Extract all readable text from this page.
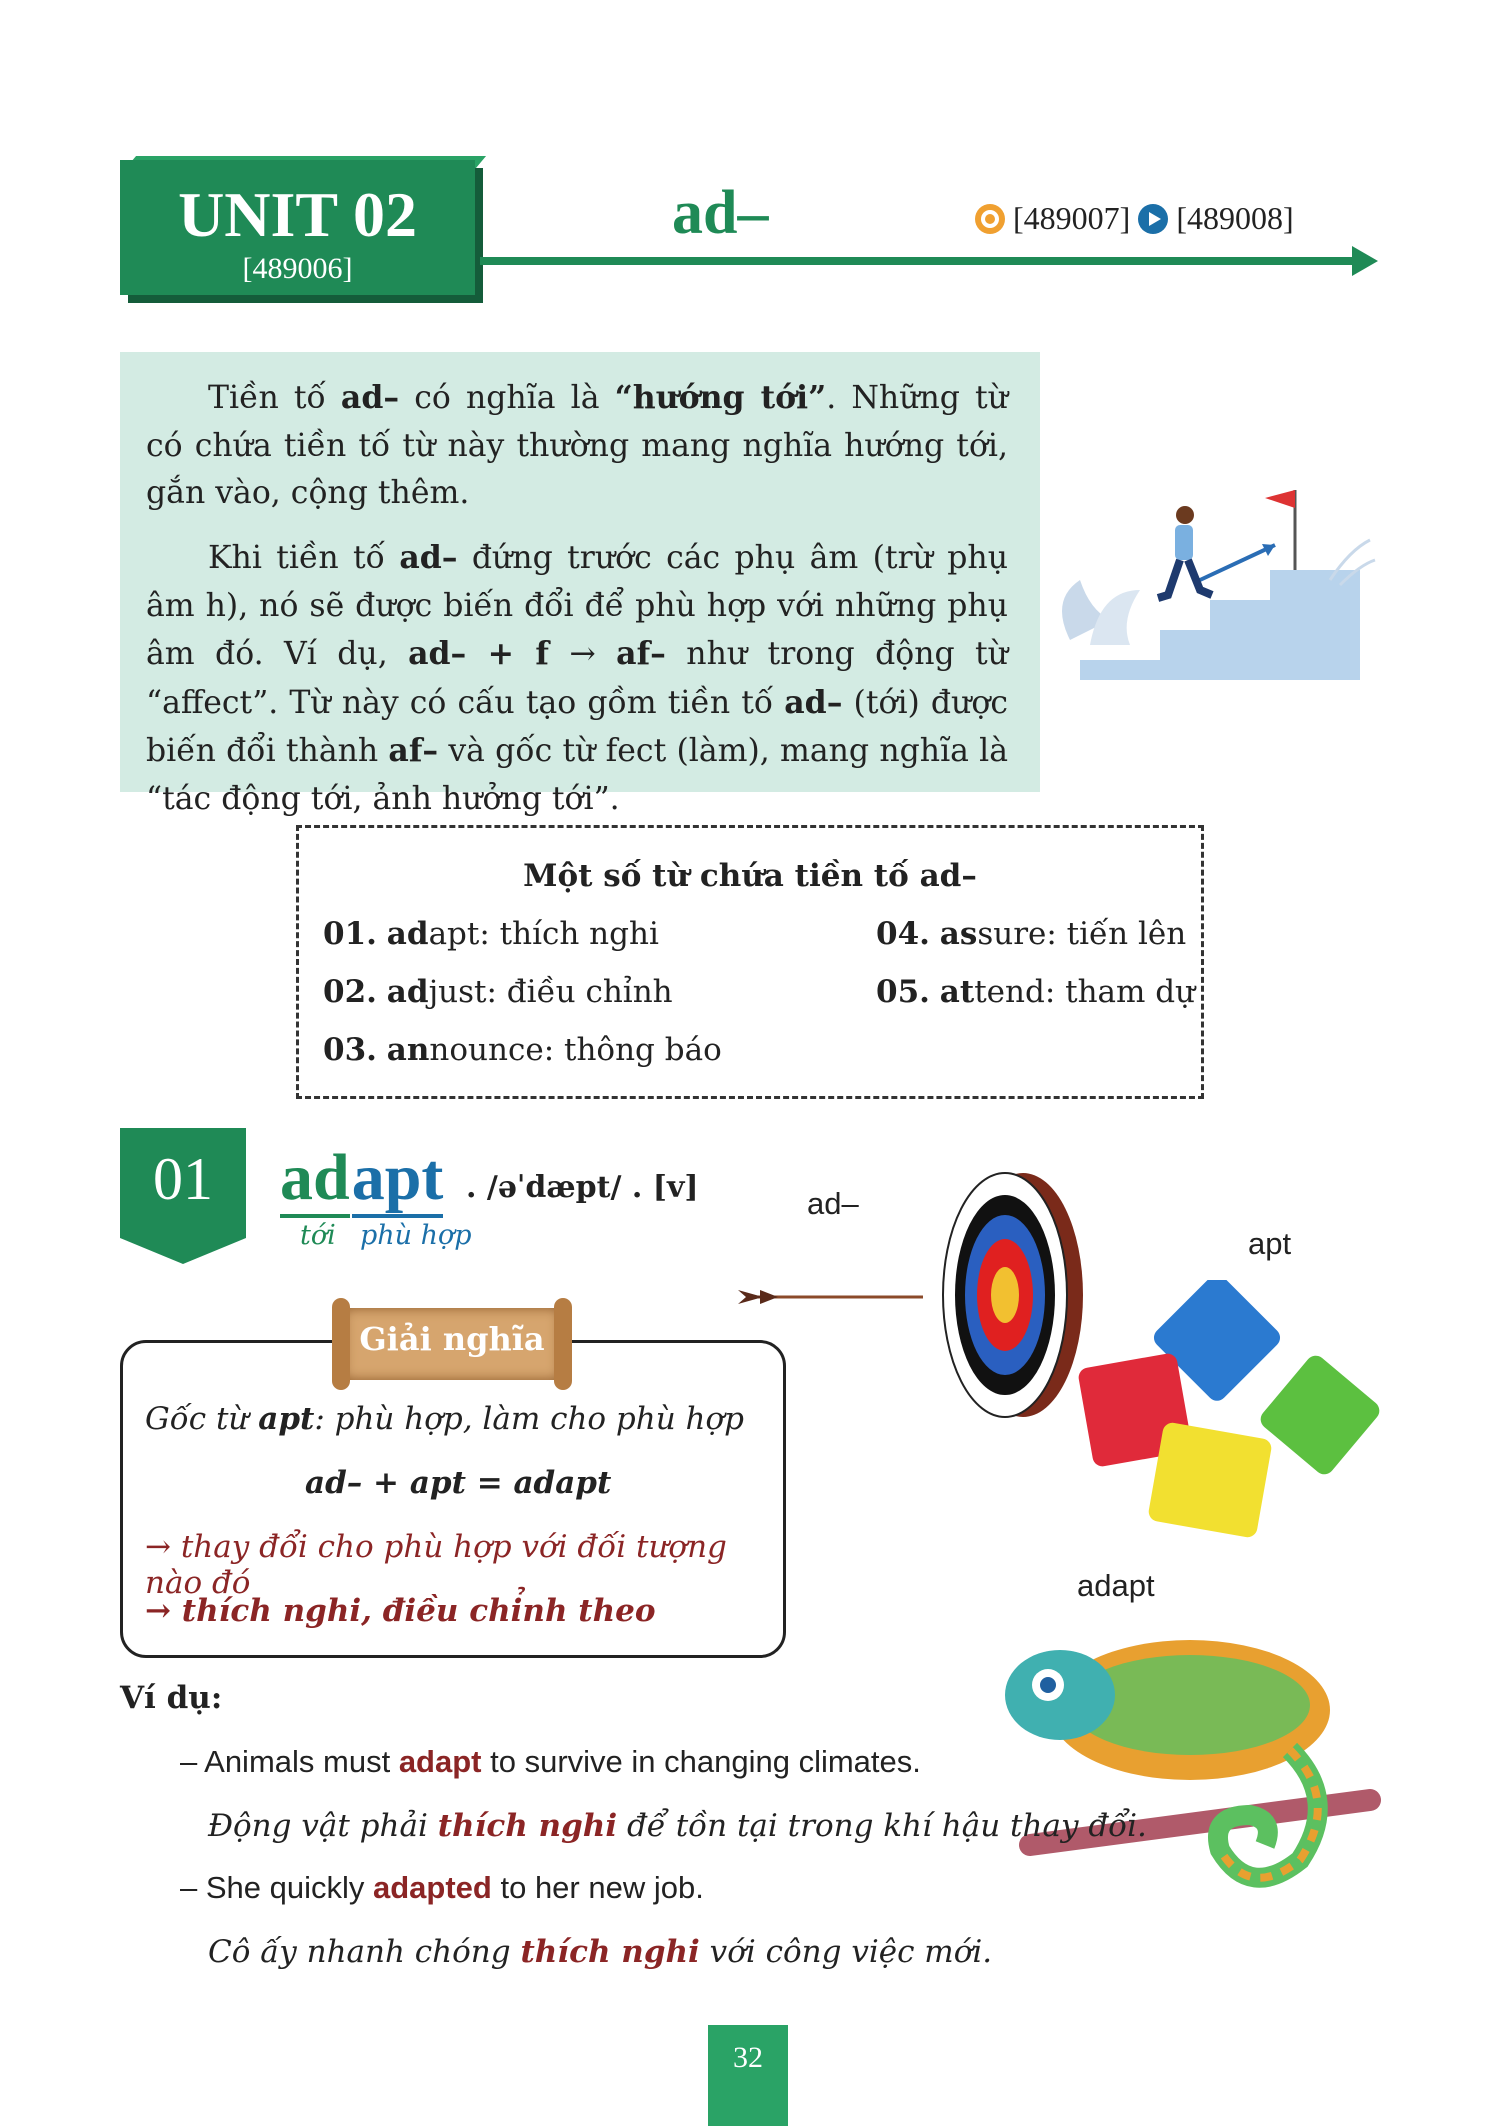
UNIT 02
[489006]
ad–	[489007] [489008]

Tiền tố ad– có nghĩa là “hướng tới”. Những từ có chứa tiền tố từ này thường mang nghĩa hướng tới, gắn vào, cộng thêm.

Khi tiền tố ad– đứng trước các phụ âm (trừ phụ âm h), nó sẽ được biến đổi để phù hợp với những phụ âm đó. Ví dụ, ad– + f → af– như trong động từ “affect”. Từ này có cấu tạo gồm tiền tố ad– (tới) được biến đổi thành af– và gốc từ fect (làm), mang nghĩa là “tác động tới, ảnh hưởng tới”.

Một số từ chứa tiền tố ad–
01. adapt: thích nghi
02. adjust: điều chỉnh
03. announce: thông báo
04. assure: tiến lên
05. attend: tham dự
01	adapt . /əˈdæpt/ . [v]
tới phù hợp
ad–
apt
adapt
Gốc từ apt: phù hợp, làm cho phù hợp
ad– + apt = adapt
→ thay đổi cho phù hợp với đối tượng nào đó
→ thích nghi, điều chỉnh theo
Giải nghĩa
Ví dụ:
– Animals must adapt to survive in changing climates.
Động vật phải thích nghi để tồn tại trong khí hậu thay đổi.
– She quickly adapted to her new job.
Cô ấy nhanh chóng thích nghi với công việc mới.
32
